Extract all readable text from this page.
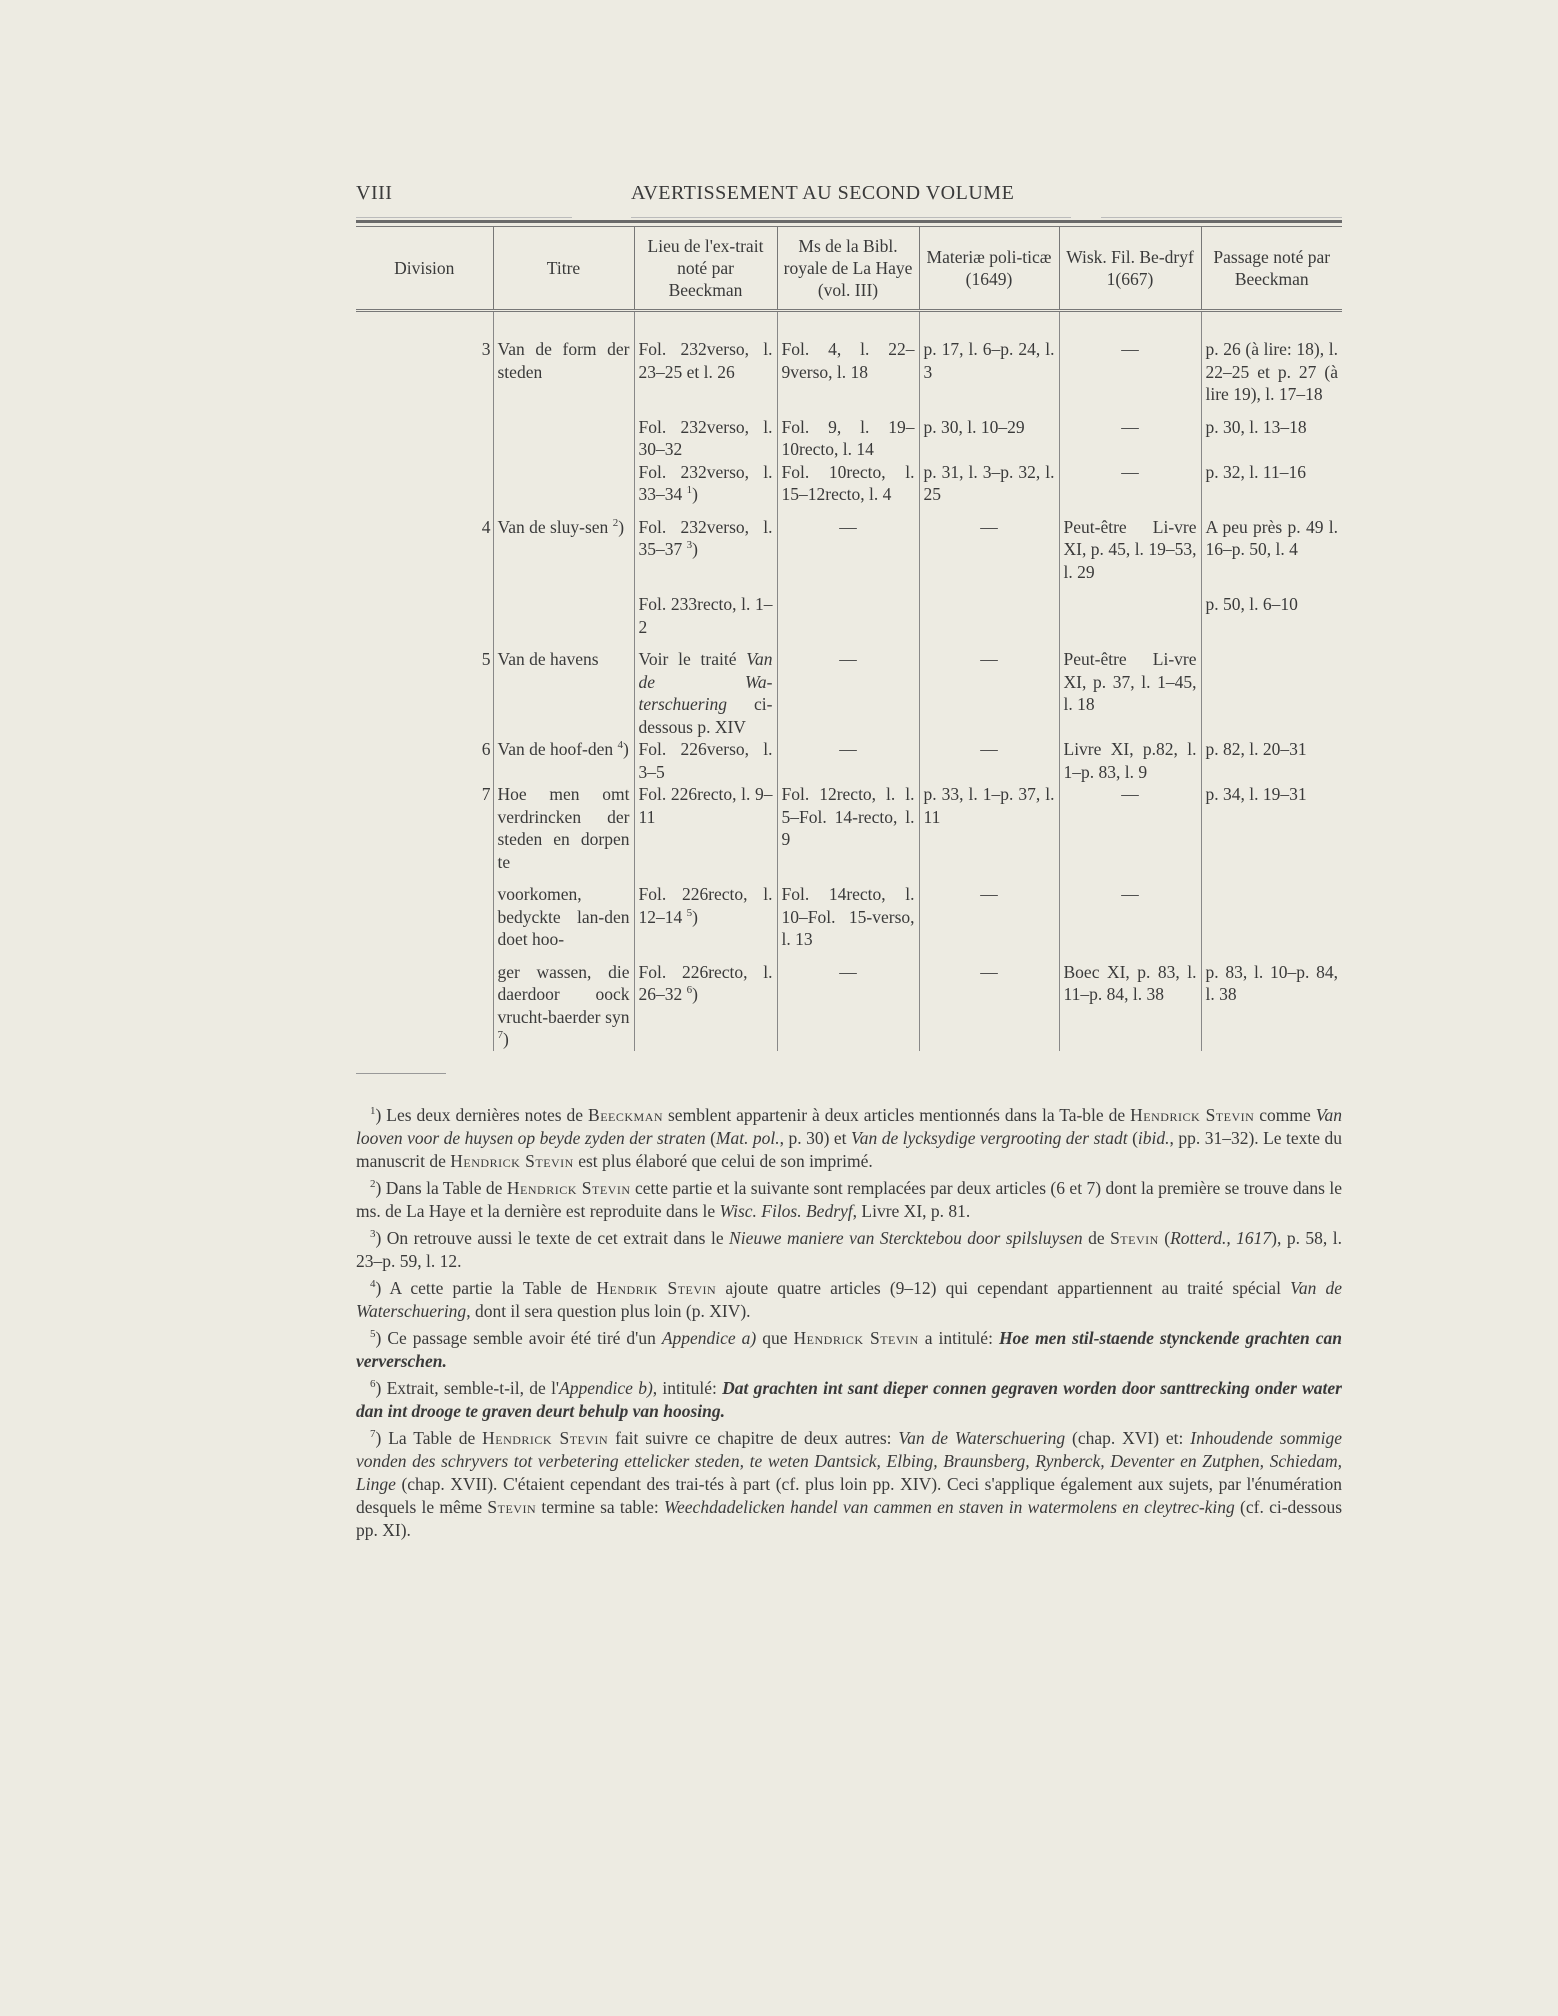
VIII	AVERTISSEMENT AU SECOND VOLUME
Division	Titre	Lieu de l'ex-trait noté par Beeckman	Ms de la Bibl. royale de La Haye (vol. III)	Materiæ poli-ticæ (1649)	Wisk. Fil. Be-dryf 1(667)	Passage noté par Beeckman
3	Van de form der steden	Fol. 232verso, l. 23–25 et l. 26	Fol. 4, l. 22–9verso, l. 18	p. 17, l. 6–p. 24, l. 3	—	p. 26 (à lire: 18), l. 22–25 et p. 27 (à lire 19), l. 17–18
		Fol. 232verso, l. 30–32	Fol. 9, l. 19–10recto, l. 14	p. 30, l. 10–29	—	p. 30, l. 13–18
		Fol. 232verso, l. 33–34 $^1$)	Fol. 10recto, l. 15–12recto, l. 4	p. 31, l. 3–p. 32, l. 25	—	p. 32, l. 11–16
4	Van de sluy-sen $^2$)	Fol. 232verso, l. 35–37 $^3$)	—	—	Peut-être Li-vre XI, p. 45, l. 19–53, l. 29	A peu près p. 49 l. 16–p. 50, l. 4
		Fol. 233recto, l. 1–2				p. 50, l. 6–10
5	Van de havens	Voir le traité Van de Wa-terschuering ci-dessous p. XIV	—	—	Peut-être Li-vre XI, p. 37, l. 1–45, l. 18	
6	Van de hoof-den $^4$)	Fol. 226verso, l. 3–5	—	—	Livre XI, p.82, l. 1–p. 83, l. 9	p. 82, l. 20–31
7	Hoe men omt verdrincken der steden en dorpen te	Fol. 226recto, l. 9–11	Fol. 12recto, l. l. 5–Fol. 14-recto, l. 9	p. 33, l. 1–p. 37, l. 11	—	p. 34, l. 19–31
	voorkomen, bedyckte lan-den doet hoo-	Fol. 226recto, l. 12–14 $^5$)	Fol. 14recto, l. 10–Fol. 15-verso, l. 13	—	—	
	ger wassen, die daerdoor oock vrucht-baerder syn $^7$)	Fol. 226recto, l. 26–32 $^6$)	—	—	Boec XI, p. 83, l. 11–p. 84, l. 38	p. 83, l. 10–p. 84, l. 38

$^1$) Les deux dernières notes de Beeckman semblent appartenir à deux articles mentionnés dans la Ta-ble de Hendrick Stevin comme Van looven voor de huysen op beyde zyden der straten (Mat. pol., p. 30) et Van de lycksydige vergrooting der stadt (ibid., pp. 31–32). Le texte du manuscrit de Hendrick Stevin est plus élaboré que celui de son imprimé.

$^2$) Dans la Table de Hendrick Stevin cette partie et la suivante sont remplacées par deux articles (6 et 7) dont la première se trouve dans le ms. de La Haye et la dernière est reproduite dans le Wisc. Filos. Bedryf, Livre XI, p. 81.

$^3$) On retrouve aussi le texte de cet extrait dans le Nieuwe maniere van Stercktebou door spilsluysen de Stevin (Rotterd., 1617), p. 58, l. 23–p. 59, l. 12.

$^4$) A cette partie la Table de Hendrik Stevin ajoute quatre articles (9–12) qui cependant appartiennent au traité spécial Van de Waterschuering, dont il sera question plus loin (p. XIV).

$^5$) Ce passage semble avoir été tiré d'un Appendice a) que Hendrick Stevin a intitulé: Hoe men stil-staende stynckende grachten can ververschen.

$^6$) Extrait, semble-t-il, de l'Appendice b), intitulé: Dat grachten int sant dieper connen gegraven worden door santtrecking onder water dan int drooge te graven deurt behulp van hoosing.

$^7$) La Table de Hendrick Stevin fait suivre ce chapitre de deux autres: Van de Waterschuering (chap. XVI) et: Inhoudende sommige vonden des schryvers tot verbetering ettelicker steden, te weten Dantsick, Elbing, Braunsberg, Rynberck, Deventer en Zutphen, Schiedam, Linge (chap. XVII). C'étaient cependant des trai-tés à part (cf. plus loin pp. XIV). Ceci s'applique également aux sujets, par l'énumération desquels le même Stevin termine sa table: Weechdadelicken handel van cammen en staven in watermolens en cleytrec-king (cf. ci-dessous pp. XI).
